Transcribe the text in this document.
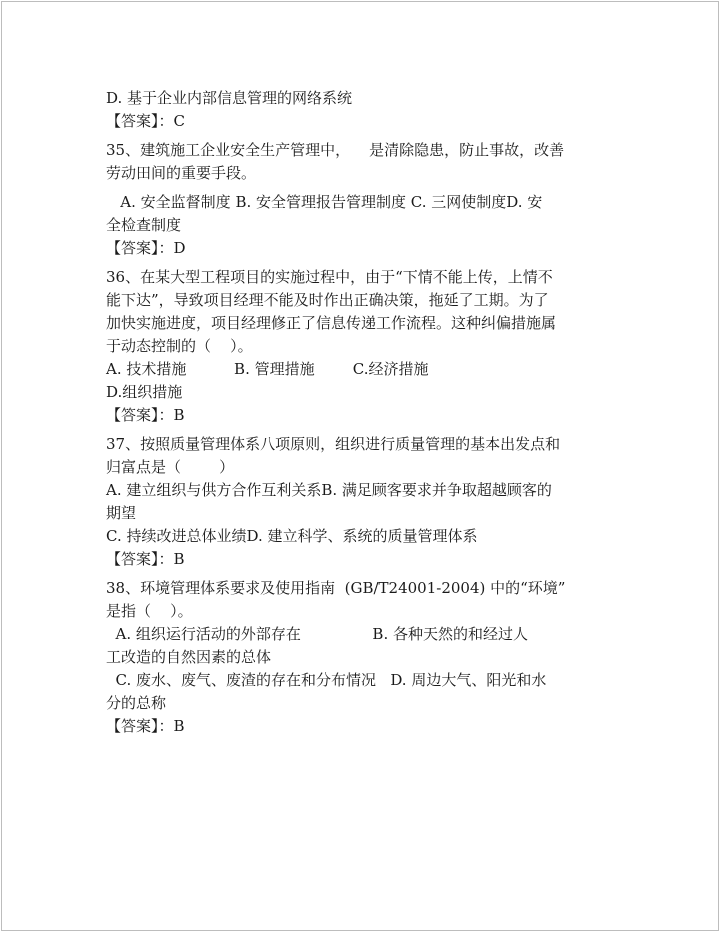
D. 基于企业内部信息管理的网络系统
【答案】：C
35、建筑施工企业安全生产管理中，    是清除隐患，防止事故，改善
劳动田间的重要手段。
A. 安全监督制度 B. 安全管理报告管理制度 C. 三网使制度D. 安
全检查制度
【答案】：D
36、在某大型工程项目的实施过程中，由于“下情不能上传，上情不
能下达”，导致项目经理不能及时作出正确决策，拖延了工期。为了
加快实施进度，项目经理修正了信息传递工作流程。这种纠偏措施属
于动态控制的（    ）。
A. 技术措施          B. 管理措施        C.经济措施
D.组织措施
【答案】：B
37、按照质量管理体系八项原则，组织进行质量管理的基本出发点和
归富点是（        ）
A. 建立组织与供方合作互利关系B. 满足顾客要求并争取超越顾客的
期望
C. 持续改进总体业绩D. 建立科学、系统的质量管理体系
【答案】：B
38、环境管理体系要求及使用指南  (GB/T24001-2004) 中的“环境”
是指（    ）。
A. 组织运行活动的外部存在               B. 各种天然的和经过人
工改造的自然因素的总体
C. 废水、废气、废渣的存在和分布情况   D. 周边大气、阳光和水
分的总称
【答案】：B
